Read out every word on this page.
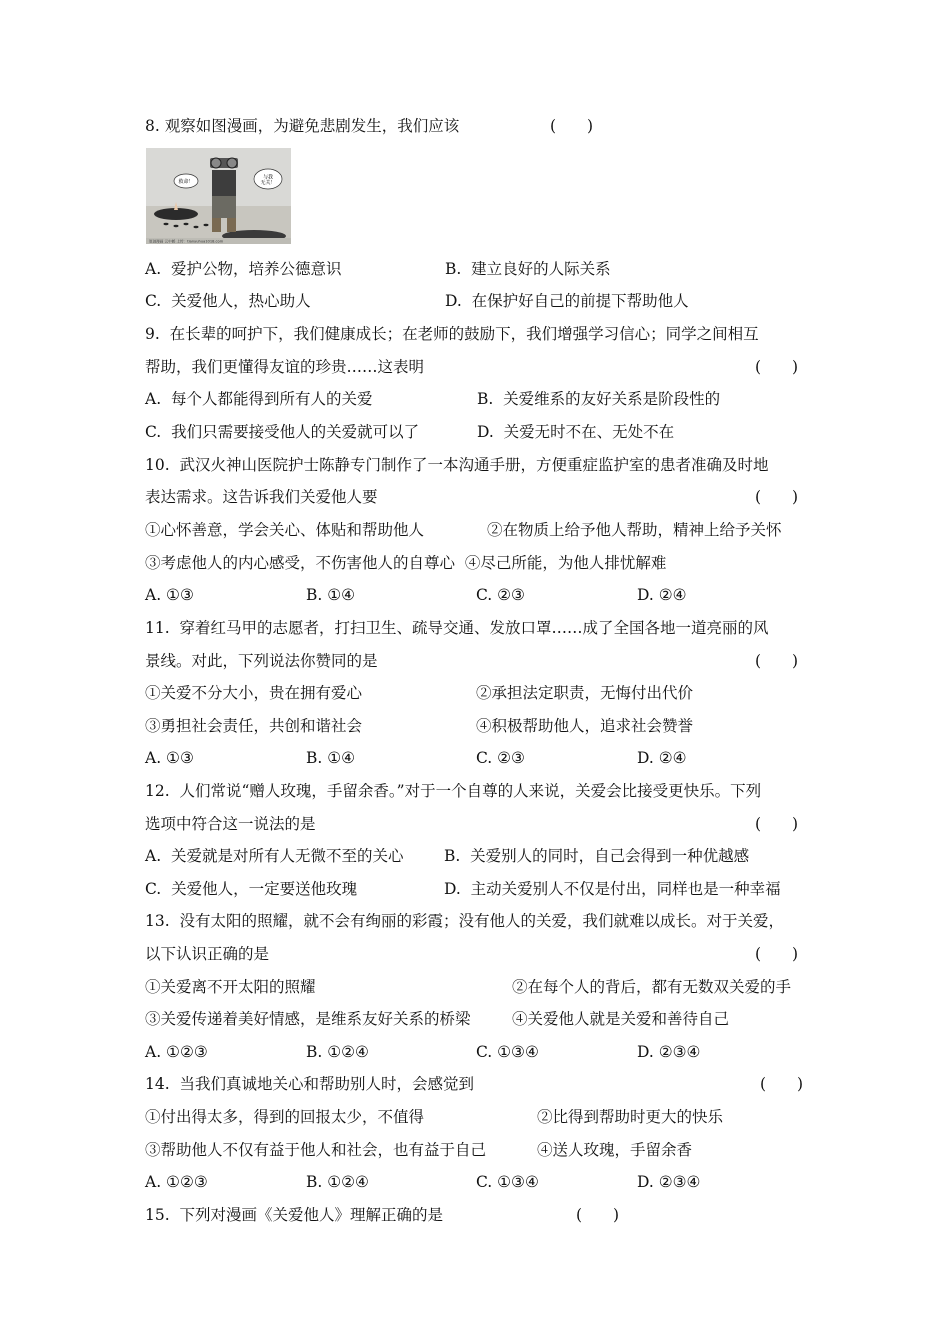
8. 观察如图漫画，为避免悲剧发生，我们应该	(　　)
救命！
与我无关！
原创漫画 云中鹤 上传：tianyuhua1018.com
A.  爱护公物，培养公德意识	B.  建立良好的人际关系
C.  关爱他人，热心助人	D.  在保护好自己的前提下帮助他人
9.  在长辈的呵护下，我们健康成长；在老师的鼓励下，我们增强学习信心；同学之间相互
帮助，我们更懂得友谊的珍贵……这表明	(　　)
A.  每个人都能得到所有人的关爱	B.  关爱维系的友好关系是阶段性的
C.  我们只需要接受他人的关爱就可以了	D.  关爱无时不在、无处不在
10.  武汉火神山医院护士陈静专门制作了一本沟通手册，方便重症监护室的患者准确及时地
表达需求。这告诉我们关爱他人要	(　　)
①心怀善意，学会关心、体贴和帮助他人	②在物质上给予他人帮助，精神上给予关怀
③考虑他人的内心感受，不伤害他人的自尊心  ④尽己所能，为他人排忧解难
A. ①③	B. ①④	C. ②③	D. ②④
11.  穿着红马甲的志愿者，打扫卫生、疏导交通、发放口罩……成了全国各地一道亮丽的风
景线。对此，下列说法你赞同的是	(　　)
①关爱不分大小，贵在拥有爱心	②承担法定职责，无悔付出代价
③勇担社会责任，共创和谐社会	④积极帮助他人，追求社会赞誉
A. ①③	B. ①④	C. ②③	D. ②④
12.  人们常说“赠人玫瑰，手留余香。”对于一个自尊的人来说，关爱会比接受更快乐。下列
选项中符合这一说法的是	(　　)
A.  关爱就是对所有人无微不至的关心	B.  关爱别人的同时，自己会得到一种优越感
C.  关爱他人，一定要送他玫瑰	D.  主动关爱别人不仅是付出，同样也是一种幸福
13.  没有太阳的照耀，就不会有绚丽的彩霞；没有他人的关爱，我们就难以成长。对于关爱，
以下认识正确的是	(　　)
①关爱离不开太阳的照耀	②在每个人的背后，都有无数双关爱的手
③关爱传递着美好情感，是维系友好关系的桥梁	④关爱他人就是关爱和善待自己
A. ①②③	B. ①②④	C. ①③④	D. ②③④
14.  当我们真诚地关心和帮助别人时，会感觉到	(　　)
①付出得太多，得到的回报太少，不值得	②比得到帮助时更大的快乐
③帮助他人不仅有益于他人和社会，也有益于自己	④送人玫瑰，手留余香
A. ①②③	B. ①②④	C. ①③④	D. ②③④
15.  下列对漫画《关爱他人》理解正确的是	(　　)
